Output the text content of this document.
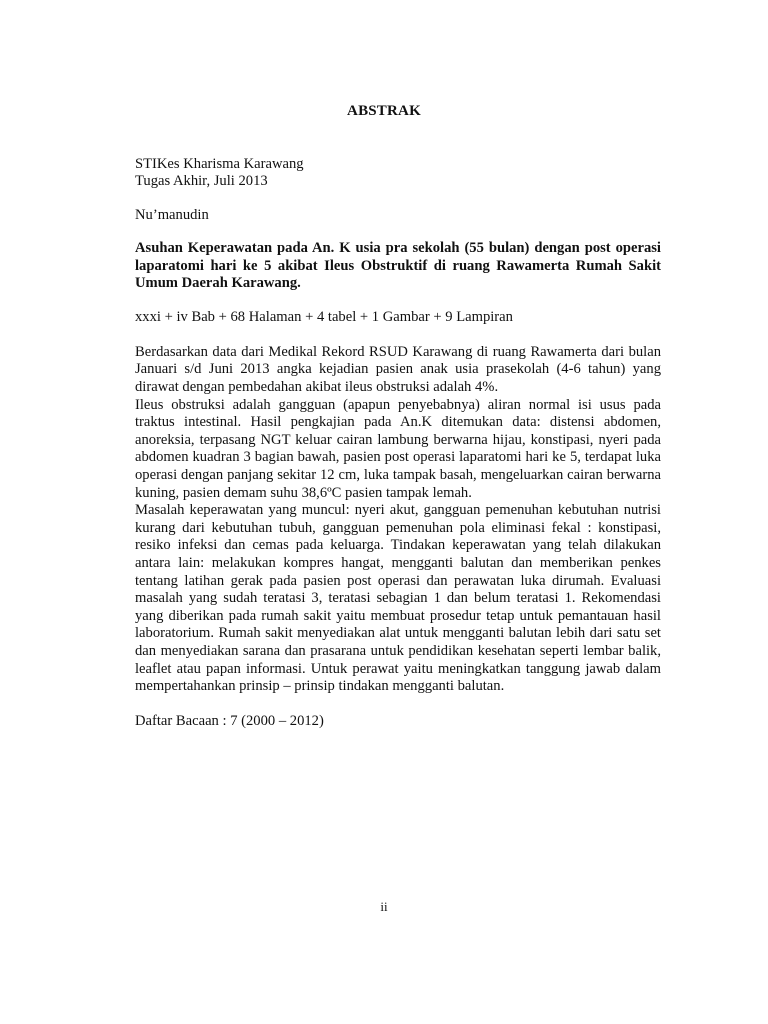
ABSTRAK
STIKes Kharisma Karawang
Tugas Akhir, Juli 2013
Nu’manudin
Asuhan Keperawatan pada An. K usia pra sekolah (55 bulan) dengan post operasi laparatomi hari ke 5 akibat Ileus Obstruktif di ruang Rawamerta Rumah Sakit Umum Daerah Karawang.
xxxi + iv Bab + 68 Halaman + 4 tabel + 1 Gambar + 9 Lampiran
Berdasarkan data dari Medikal Rekord RSUD Karawang di ruang Rawamerta dari bulan Januari s/d Juni 2013 angka kejadian pasien anak usia prasekolah (4-6 tahun) yang dirawat dengan pembedahan akibat ileus obstruksi adalah 4%.
Ileus obstruksi adalah gangguan (apapun penyebabnya) aliran normal isi usus pada traktus intestinal. Hasil pengkajian pada An.K ditemukan data: distensi abdomen, anoreksia, terpasang NGT keluar cairan lambung berwarna hijau, konstipasi, nyeri pada abdomen kuadran 3 bagian bawah, pasien post operasi laparatomi hari ke 5, terdapat luka operasi dengan panjang sekitar 12 cm, luka tampak basah, mengeluarkan cairan berwarna kuning, pasien demam suhu 38,6ºC pasien tampak lemah.
Masalah keperawatan yang muncul: nyeri akut, gangguan pemenuhan kebutuhan nutrisi kurang dari kebutuhan tubuh, gangguan pemenuhan pola eliminasi fekal : konstipasi, resiko infeksi dan cemas pada keluarga. Tindakan keperawatan yang telah dilakukan antara lain: melakukan kompres hangat, mengganti balutan dan memberikan penkes tentang latihan gerak pada pasien post operasi dan perawatan luka dirumah. Evaluasi masalah yang sudah teratasi 3, teratasi sebagian 1 dan belum teratasi 1. Rekomendasi yang diberikan pada rumah sakit yaitu membuat prosedur tetap untuk pemantauan hasil laboratorium. Rumah sakit menyediakan alat untuk mengganti balutan lebih dari satu set dan menyediakan sarana dan prasarana untuk pendidikan kesehatan seperti lembar balik, leaflet atau papan informasi. Untuk perawat yaitu meningkatkan tanggung jawab dalam mempertahankan prinsip – prinsip tindakan mengganti balutan.
Daftar Bacaan : 7 (2000 – 2012)
ii
